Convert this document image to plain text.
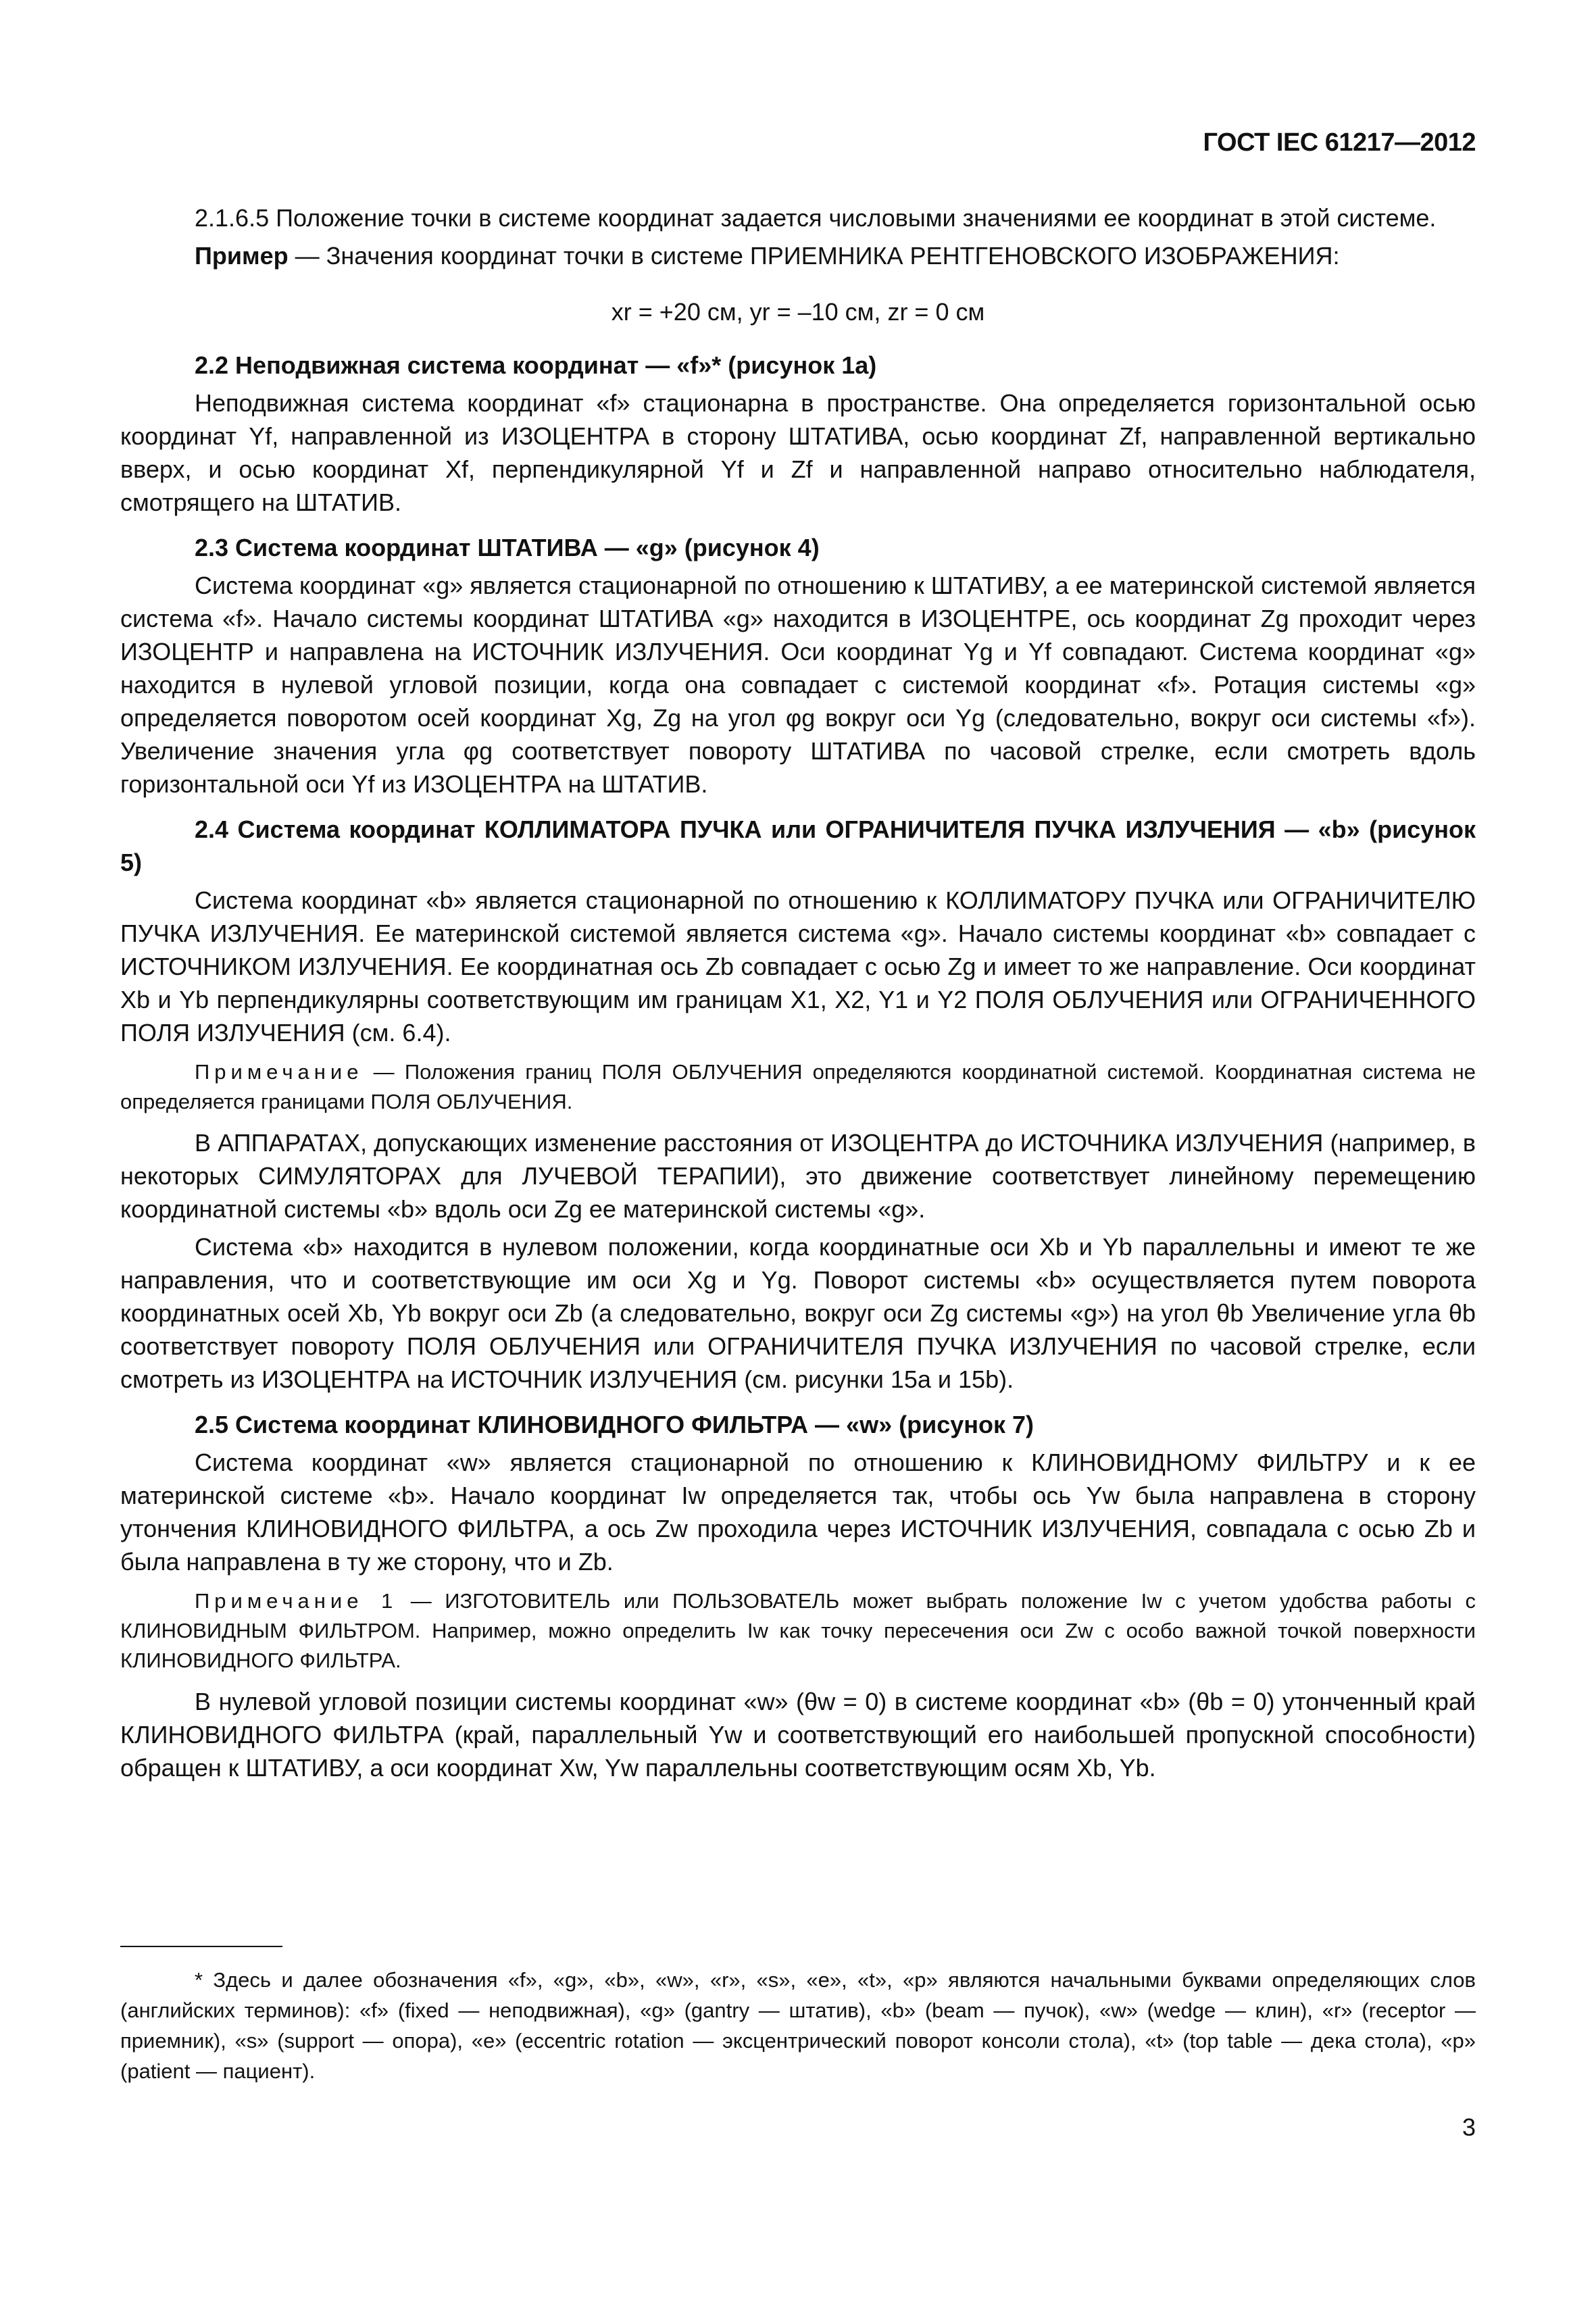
ГОСТ IEC 61217—2012

2.1.6.5 Положение точки в системе координат задается числовыми значениями ее координат в этой системе.

Пример — Значения координат точки в системе ПРИЕМНИКА РЕНТГЕНОВСКОГО ИЗОБРАЖЕНИЯ:

xr = +20 см, yr = –10 см, zr = 0 см

2.2 Неподвижная система координат — «f»* (рисунок 1a)

Неподвижная система координат «f» стационарна в пространстве. Она определяется горизонтальной осью координат Yf, направленной из ИЗОЦЕНТРА в сторону ШТАТИВА, осью координат Zf, направленной вертикально вверх, и осью координат Xf, перпендикулярной Yf и Zf и направленной направо относительно наблюдателя, смотрящего на ШТАТИВ.

2.3 Система координат ШТАТИВА — «g» (рисунок 4)

Система координат «g» является стационарной по отношению к ШТАТИВУ, а ее материнской системой является система «f». Начало системы координат ШТАТИВА «g» находится в ИЗОЦЕНТРЕ, ось координат Zg проходит через ИЗОЦЕНТР и направлена на ИСТОЧНИК ИЗЛУЧЕНИЯ. Оси координат Yg и Yf совпадают. Система координат «g» находится в нулевой угловой позиции, когда она совпадает с системой координат «f». Ротация системы «g» определяется поворотом осей координат Xg, Zg на угол φg вокруг оси Yg (следовательно, вокруг оси системы «f»). Увеличение значения угла φg соответствует повороту ШТАТИВА по часовой стрелке, если смотреть вдоль горизонтальной оси Yf из ИЗОЦЕНТРА на ШТАТИВ.

2.4 Система координат КОЛЛИМАТОРА ПУЧКА или ОГРАНИЧИТЕЛЯ ПУЧКА ИЗЛУЧЕНИЯ — «b» (рисунок 5)

Система координат «b» является стационарной по отношению к КОЛЛИМАТОРУ ПУЧКА или ОГРАНИЧИТЕЛЮ ПУЧКА ИЗЛУЧЕНИЯ. Ее материнской системой является система «g». Начало системы координат «b» совпадает с ИСТОЧНИКОМ ИЗЛУЧЕНИЯ. Ее координатная ось Zb совпадает с осью Zg и имеет то же направление. Оси координат Xb и Yb перпендикулярны соответствующим им границам X1, X2, Y1 и Y2 ПОЛЯ ОБЛУЧЕНИЯ или ОГРАНИЧЕННОГО ПОЛЯ ИЗЛУЧЕНИЯ (см. 6.4).

Примечание — Положения границ ПОЛЯ ОБЛУЧЕНИЯ определяются координатной системой. Координатная система не определяется границами ПОЛЯ ОБЛУЧЕНИЯ.

В АППАРАТАХ, допускающих изменение расстояния от ИЗОЦЕНТРА до ИСТОЧНИКА ИЗЛУЧЕНИЯ (например, в некоторых СИМУЛЯТОРАХ для ЛУЧЕВОЙ ТЕРАПИИ), это движение соответствует линейному перемещению координатной системы «b» вдоль оси Zg ее материнской системы «g».

Система «b» находится в нулевом положении, когда координатные оси Xb и Yb параллельны и имеют те же направления, что и соответствующие им оси Xg и Yg. Поворот системы «b» осуществляется путем поворота координатных осей Xb, Yb вокруг оси Zb (а следовательно, вокруг оси Zg системы «g») на угол θb Увеличение угла θb соответствует повороту ПОЛЯ ОБЛУЧЕНИЯ или ОГРАНИЧИТЕЛЯ ПУЧКА ИЗЛУЧЕНИЯ по часовой стрелке, если смотреть из ИЗОЦЕНТРА на ИСТОЧНИК ИЗЛУЧЕНИЯ (см. рисунки 15а и 15b).

2.5 Система координат КЛИНОВИДНОГО ФИЛЬТРА — «w» (рисунок 7)

Система координат «w» является стационарной по отношению к КЛИНОВИДНОМУ ФИЛЬТРУ и к ее материнской системе «b». Начало координат Iw определяется так, чтобы ось Yw была направлена в сторону утончения КЛИНОВИДНОГО ФИЛЬТРА, а ось Zw проходила через ИСТОЧНИК ИЗЛУЧЕНИЯ, совпадала с осью Zb и была направлена в ту же сторону, что и Zb.

Примечание 1 — ИЗГОТОВИТЕЛЬ или ПОЛЬЗОВАТЕЛЬ может выбрать положение Iw с учетом удобства работы с КЛИНОВИДНЫМ ФИЛЬТРОМ. Например, можно определить Iw как точку пересечения оси Zw с особо важной точкой поверхности КЛИНОВИДНОГО ФИЛЬТРА.

В нулевой угловой позиции системы координат «w» (θw = 0) в системе координат «b» (θb = 0) утонченный край КЛИНОВИДНОГО ФИЛЬТРА (край, параллельный Yw и соответствующий его наибольшей пропускной способности) обращен к ШТАТИВУ, а оси координат Xw, Yw параллельны соответствующим осям Xb, Yb.

* Здесь и далее обозначения «f», «g», «b», «w», «r», «s», «e», «t», «p» являются начальными буквами определяющих слов (английских терминов): «f» (fixed — неподвижная), «g» (gantry — штатив), «b» (beam — пучок), «w» (wedge — клин), «r» (receptor — приемник), «s» (support — опора), «e» (eccentric rotation — эксцентрический поворот консоли стола), «t» (top table — дека стола), «p» (patient — пациент).

3
